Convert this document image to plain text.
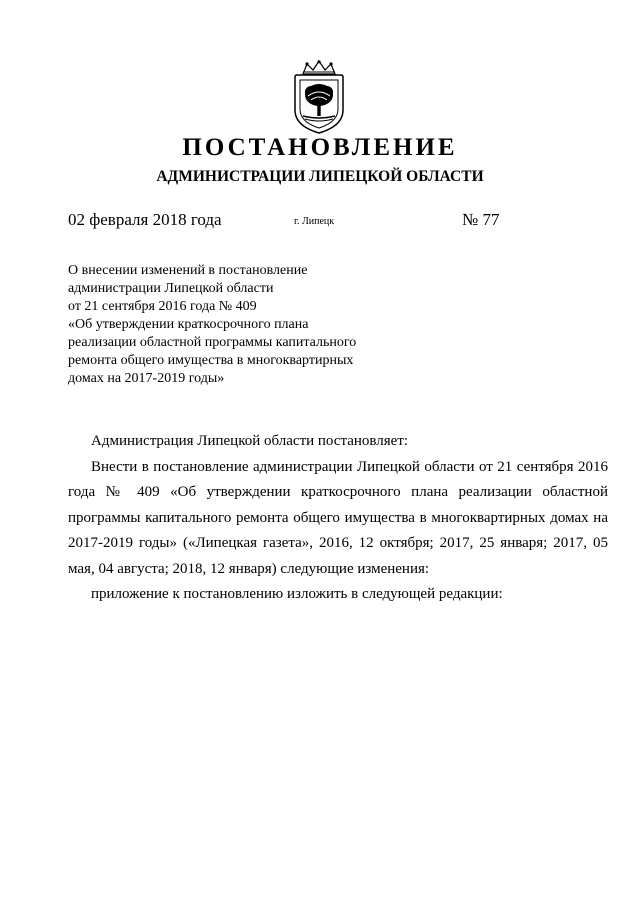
ПОСТАНОВЛЕНИЕ
АДМИНИСТРАЦИИ ЛИПЕЦКОЙ ОБЛАСТИ
02 февраля 2018 года	г. Липецк	№ 77
О внесении изменений в постановление
администрации Липецкой области
от 21 сентября 2016 года № 409
«Об утверждении краткосрочного плана
реализации областной программы капитального
ремонта общего имущества в многоквартирных
домах на 2017-2019 годы»

Администрация Липецкой области постановляет:

Внести в постановление администрации Липецкой области от 21 сентября 2016 года № 409 «Об утверждении краткосрочного плана реализации областной программы капитального ремонта общего имущества в многоквартирных домах на 2017-2019 годы» («Липецкая газета», 2016, 12 октября; 2017, 25 января; 2017, 05 мая, 04 августа; 2018, 12 января) следующие изменения:

приложение к постановлению изложить в следующей редакции:
